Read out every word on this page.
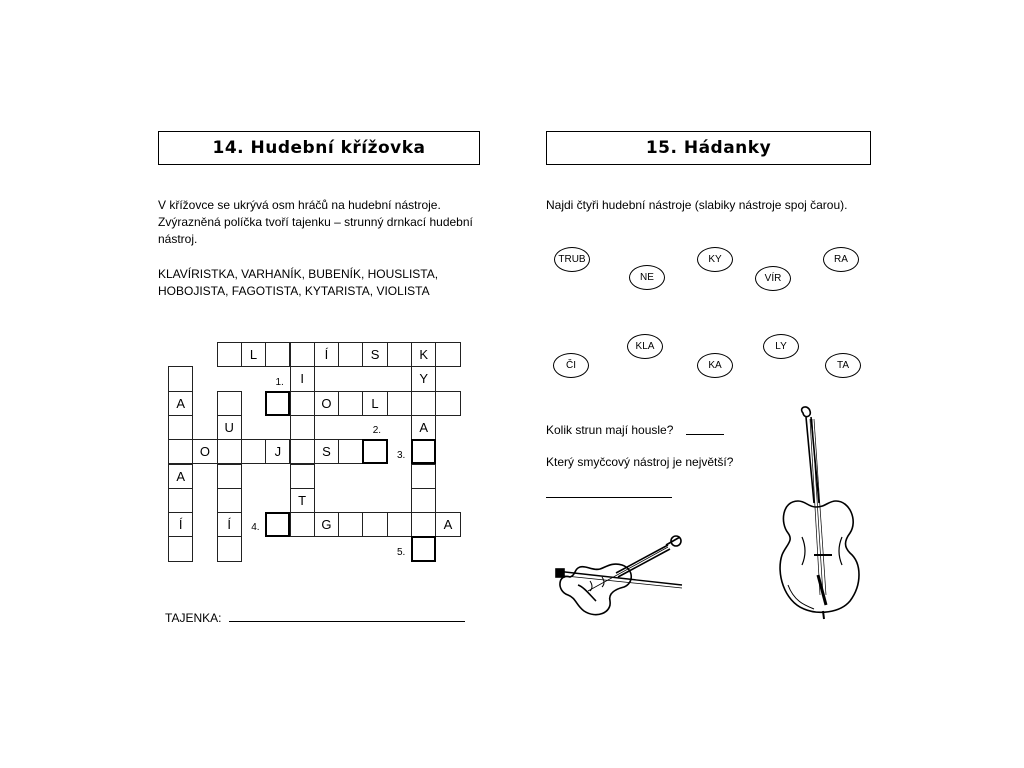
14. Hudební křížovka	15. Hádanky
V křížovce se ukrývá osm hráčů na hudební nástroje. Zvýrazněná políčka tvoří tajenku – strunný drnkací hudební nástroj.
KLAVÍRISTKA, VARHANÍK, BUBENÍK, HOUSLISTA, HOBOJISTA, FAGOTISTA, KYTARISTA, VIOLISTA
Najdi čtyři hudební nástroje (slabiky nástroje spoj čarou).
L	Í	S	K
I	Y
A	O	L
U	A
O	J	S
A
T
Í	Í	G	A
1.
2.
3.
4.
5.
TAJENKA:
TRUB
NE
KY
VÍR
RA
ČI
KLA
KA
LY
TA
Kolik strun mají housle?
Který smyčcový nástroj je největší?
